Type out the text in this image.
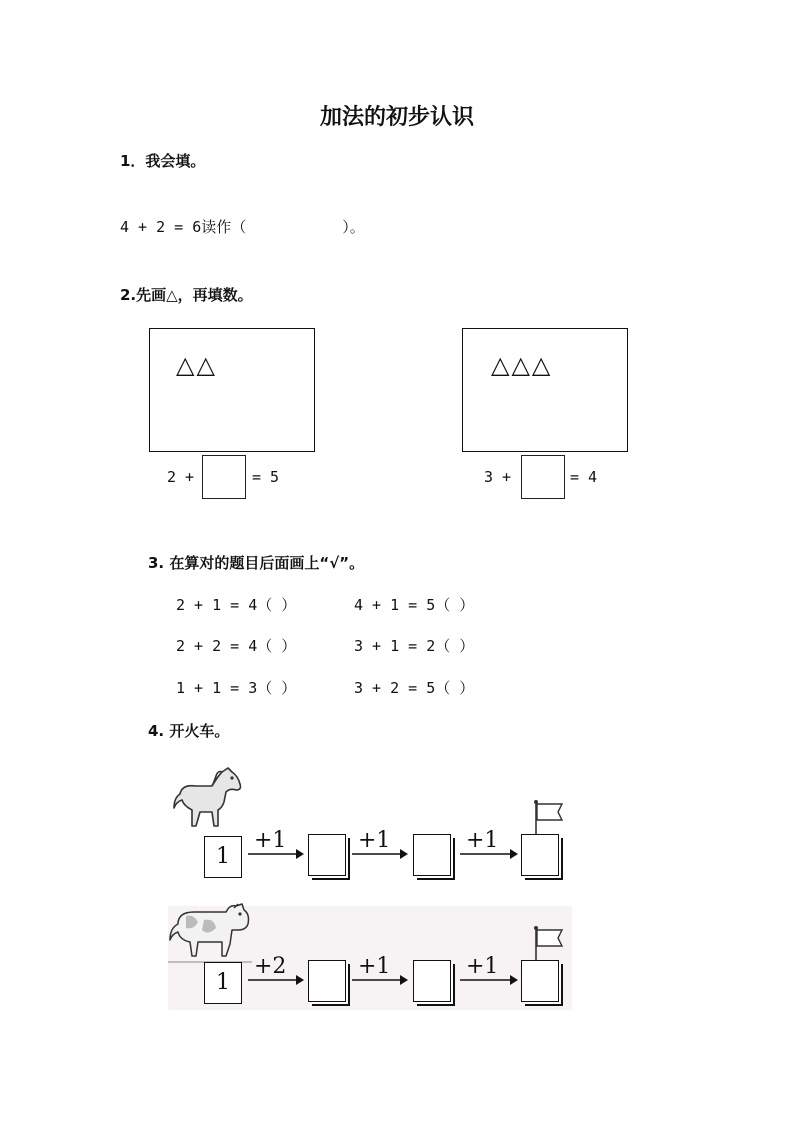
加法的初步认识
1．我会填。
4 + 2 = 6读作（	）。
2.先画△，再填数。
△△
2 +	= 5
△△△
3 +	= 4
3. 在算对的题目后面画上“√”。
2 + 1 = 4（ ）	4 + 1 = 5（ ）
2 + 2 = 4（ ）	3 + 1 = 2（ ）
1 + 1 = 3（ ）	3 + 2 = 5（ ）
4. 开火车。
1
+1	+1	+1
1
+2	+1	+1
